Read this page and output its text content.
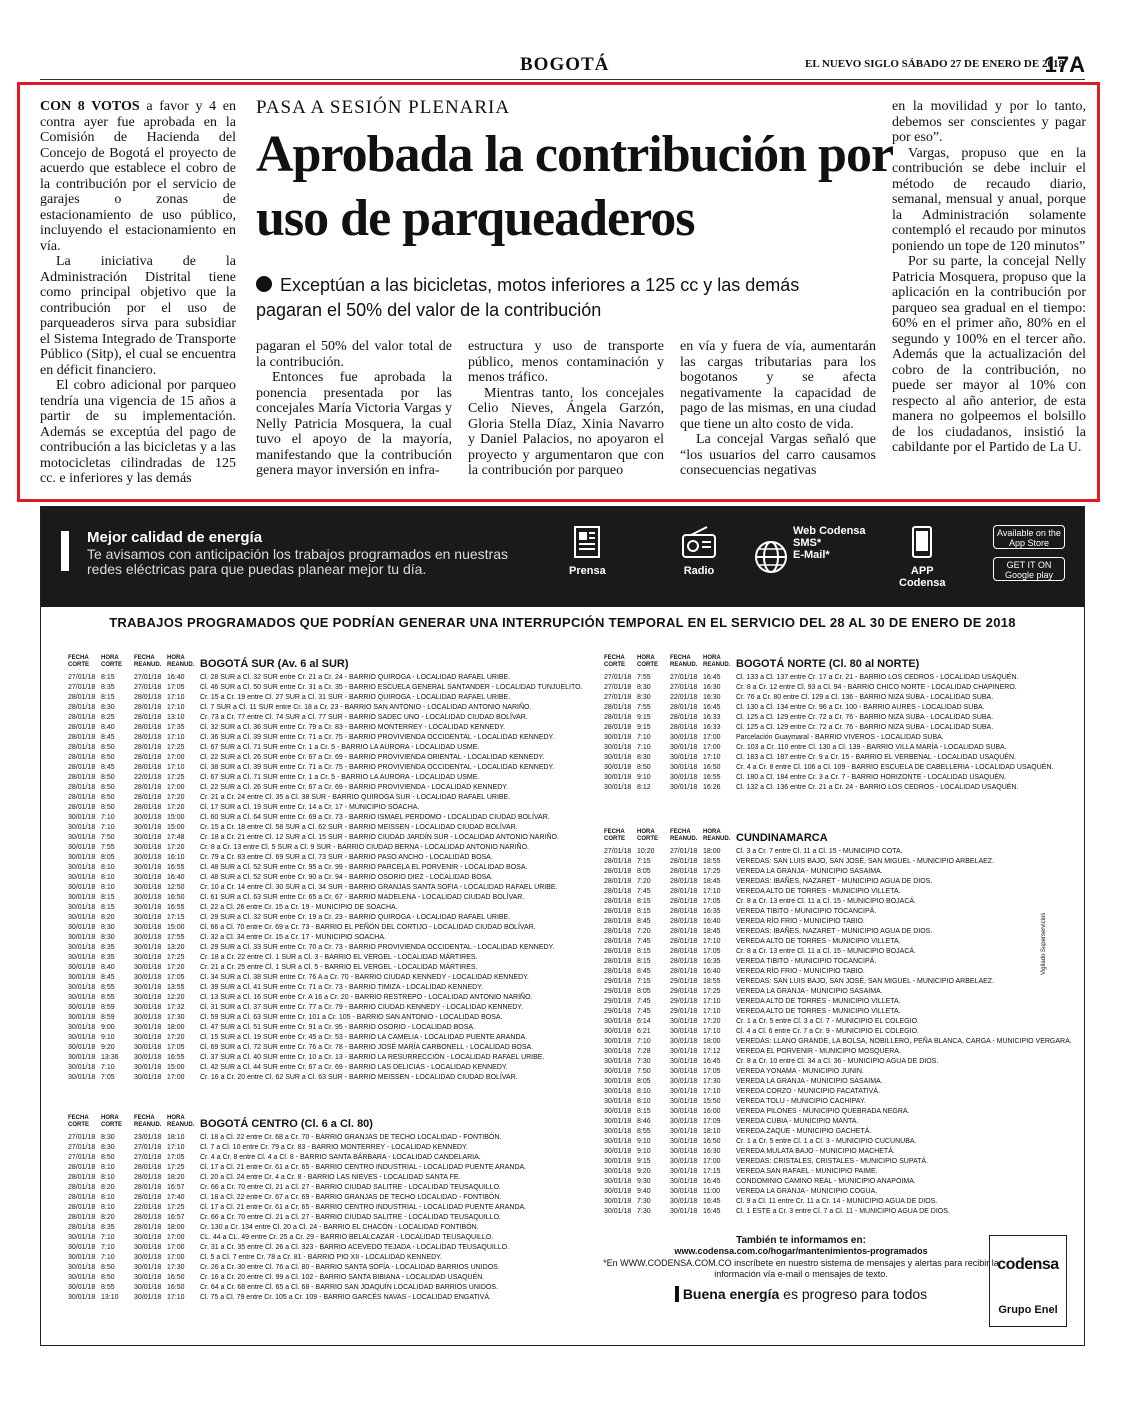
BOGOTÁ	EL NUEVO SIGLO SÁBADO 27 DE ENERO DE 2018
17A

CON 8 VOTOS a favor y 4 en contra ayer fue aprobada en la Comisión de Hacienda del Concejo de Bogotá el proyecto de acuerdo que establece el cobro de la contribución por el servicio de garajes o zonas de estacionamiento de uso público, incluyendo el estacionamiento en vía.

La iniciativa de la Administración Distrital tiene como principal objetivo que la contribución por el uso de parqueaderos sirva para subsidiar el Sistema Integrado de Transporte Público (Sitp), el cual se encuentra en déficit financiero.

El cobro adicional por parqueo tendría una vigencia de 15 años a partir de su implementación. Además se exceptúa del pago de contribución a las bicicletas y a las motocicletas cilindradas de 125 cc. e inferiores y las demás

PASA A SESIÓN PLENARIA
Aprobada la contribución por uso de parqueaderos
Exceptúan a las bicicletas, motos inferiores a 125 cc y las demás pagaran el 50% del valor de la contribución

pagaran el 50% del valor total de la contribución.

Entonces fue aprobada la ponencia presentada por las concejales María Victoria Vargas y Nelly Patricia Mosquera, la cual tuvo el apoyo de la mayoría, manifestando que la contribución genera mayor inversión en infra-

estructura y uso de transporte público, menos contaminación y menos tráfico.

Mientras tanto, los concejales Celio Nieves, Ángela Garzón, Gloria Stella Díaz, Xinia Navarro y Daniel Palacios, no apoyaron el proyecto y argumentaron que con la contribución por parqueo

en vía y fuera de vía, aumentarán las cargas tributarias para los bogotanos y se afecta negativamente la capacidad de pago de las mismas, en una ciudad que tiene un alto costo de vida.

La concejal Vargas señaló que “los usuarios del carro causamos consecuencias negativas

en la movilidad y por lo tanto, debemos ser conscientes y pagar por eso”.

Vargas, propuso que en la contribución se debe incluir el método de recaudo diario, semanal, mensual y anual, porque la Administración solamente contempló el recaudo por minutos poniendo un tope de 120 minutos”

Por su parte, la concejal Nelly Patricia Mosquera, propuso que la aplicación en la contribución por parqueo sea gradual en el tiempo: 60% en el primer año, 80% en el segundo y 100% en el tercer año. Además que la actualización del cobro de la contribución, no puede ser mayor al 10% con respecto al año anterior, de esta manera no golpeemos el bolsillo de los ciudadanos, insistió la cabildante por el Partido de La U.

Mejor calidad de energía
Te avisamos con anticipación los trabajos programados en nuestras redes eléctricas para que puedas planear mejor tu día.	Prensa	Radio
Web Codensa
SMS*
E-Mail*
APP
Codensa
Available on the App Store
GET IT ON Google play
TRABAJOS PROGRAMADOS QUE PODRÍAN GENERAR UNA INTERRUPCIÓN TEMPORAL EN EL SERVICIO DEL 28 AL 30 DE ENERO DE 2018
FECHA CORTE
HORA CORTE
FECHA REANUD.
HORA REANUD. BOGOTÁ SUR (Av. 6 al SUR)
27/01/18 8:15	27/01/18 16:40	Cl. 28 SUR a Cl. 32 SUR entre Cr. 21 a Cr. 24 - BARRIO QUIROGA - LOCALIDAD RAFAEL URIBE.
27/01/18 8:35	27/01/18 17:05	Cl. 46 SUR a Cl. 50 SUR entre Cr. 31 a Cr. 35 - BARRIO ESCUELA GENERAL SANTANDER - LOCALIDAD TUNJUELITO.
28/01/18 8:15	28/01/18 17:10	Cr. 15 a Cr. 19 entre Cl. 27 SUR a Cl. 31 SUR - BARRIO QUIROGA - LOCALIDAD RAFAEL URIBE.
28/01/18 8:30	28/01/18 17:10	Cl. 7 SUR a Cl. 11 SUR entre Cr. 18 a Cr. 23 - BARRIO SAN ANTONIO - LOCALIDAD ANTONIO NARIÑO.
28/01/18 8:25	28/01/18 13:10	Cr. 73 a Cr. 77 entre Cl. 74 SUR a Cl. 77 SUR - BARRIO SADEC UNO - LOCALIDAD CIUDAD BOLÍVAR.
28/01/18 8:40	28/01/18 17:35	Cl. 32 SUR a Cl. 36 SUR entre Cr. 79 a Cr. 83 - BARRIO MONTERREY - LOCALIDAD KENNEDY.
28/01/18 8:45	28/01/18 17:10	Cl. 36 SUR a Cl. 39 SUR entre Cr. 71 a Cr. 75 - BARRIO PROVIVIENDA OCCIDENTAL - LOCALIDAD KENNEDY.
28/01/18 8:50	28/01/18 17:25	Cl. 67 SUR a Cl. 71 SUR entre Cr. 1 a Cr. 5 - BARRIO LA AURORA - LOCALIDAD USME.
28/01/18 8:50	28/01/18 17:00	Cl. 22 SUR a Cl. 26 SUR entre Cr. 67 a Cr. 69 - BARRIO PROVIVIENDA ORIENTAL - LOCALIDAD KENNEDY.
28/01/18 8:45	28/01/18 17:10	Cl. 38 SUR a Cl. 39 SUR entre Cr. 71 a Cr. 75 - BARRIO PROVIVIENDA OCCIDENTAL - LOCALIDAD KENNEDY.
28/01/18 8:50	22/01/18 17:25	Cl. 67 SUR a Cl. 71 SUR entre Cr. 1 a Cr. 5 - BARRIO LA AURORA - LOCALIDAD USME.
28/01/18 8:50	28/01/18 17:00	Cl. 22 SUR a Cl. 26 SUR entre Cr. 67 a Cr. 69 - BARRIO PROVIVIENDA - LOCALIDAD KENNEDY.
28/01/18 8:50	28/01/18 17:20	Cr. 21 a Cr. 24 entre Cl. 35 a Cl. 38 SUR - BARRIO QUIROGA SUR - LOCALIDAD RAFAEL URIBE.
28/01/18 8:50	28/01/18 17:20	Cl. 17 SUR a Cl. 19 SUR entre Cr. 14 a Cr. 17 - MUNICIPIO SOACHA.
30/01/18 7:10	30/01/18 15:00	Cl. 60 SUR a Cl. 64 SUR entre Cr. 69 a Cr. 73 - BARRIO ISMAEL PERDOMO - LOCALIDAD CIUDAD BOLÍVAR.
30/01/18 7:10	30/01/18 15:00	Cr. 15 a Cr. 18 entre Cl. 58 SUR a Cl. 62 SUR - BARRIO MEISSEN - LOCALIDAD CIUDAD BOLÍVAR.
30/01/18 7:50	30/01/18 17:48	Cr. 18 a Cr. 21 entre Cl. 12 SUR a Cl. 15 SUR - BARRIO CIUDAD JARDÍN SUR - LOCALIDAD ANTONIO NARIÑO.
30/01/18 7:55	30/01/18 17:20	Cr. 8 a Cr. 13 entre Cl. 5 SUR a Cl. 9 SUR - BARRIO CIUDAD BERNA - LOCALIDAD ANTONIO NARIÑO.
30/01/18 8:05	30/01/18 16:10	Cr. 79 a Cr. 83 entre Cl. 69 SUR a Cl. 73 SUR - BARRIO PASO ANCHO - LOCALIDAD BOSA.
30/01/18 8:10	30/01/18 16:55	Cl. 48 SUR a Cl. 52 SUR entre Cr. 95 a Cr. 99 - BARRIO PARCELA EL PORVENIR - LOCALIDAD BOSA.
30/01/18 8:10	30/01/18 16:40	Cl. 48 SUR a Cl. 52 SUR entre Cr. 90 a Cr. 94 - BARRIO OSORIO DIEZ - LOCALIDAD BOSA.
30/01/18 8:10	30/01/18 12:50	Cr. 10 a Cr. 14 entre Cl. 30 SUR a Cl. 34 SUR - BARRIO GRANJAS SANTA SOFIA - LOCALIDAD RAFAEL URIBE.
30/01/18 8:15	30/01/18 16:50	Cl. 61 SUR a Cl. 63 SUR entre Cr. 65 a Cr. 67 - BARRIO MADELENA - LOCALIDAD CIUDAD BOLÍVAR.
30/01/18 8:15	30/01/18 16:55	Cl. 22 a Cl. 26 entre Cr. 15 a Cr. 19 - MUNICIPIO DE SOACHA.
30/01/18 8:20	30/01/18 17:15	Cl. 29 SUR a Cl. 32 SUR entre Cr. 19 a Cr. 23 - BARRIO QUIROGA - LOCALIDAD RAFAEL URIBE.
30/01/18 8:30	30/01/18 15:00	Cl. 66 a Cl. 70 entre Cr. 69 a Cr. 73 - BARRIO EL PEÑÓN DEL CORTIJO - LOCALIDAD CIUDAD BOLÍVAR.
30/01/18 8:30	30/01/18 17:55	Cl. 32 a Cl. 34 entre Cr. 15 a Cr. 17 - MUNICIPIO SOACHA.
30/01/18 8:35	30/01/18 13:20	Cl. 29 SUR a Cl. 33 SUR entre Cr. 70 a Cr. 73 - BARRIO PROVIVIENDA OCCIDENTAL - LOCALIDAD KENNEDY.
30/01/18 8:35	30/01/18 17:25	Cr. 18 a Cr. 22 entre Cl. 1 SUR a Cl. 3 - BARRIO EL VERGEL - LOCALIDAD MÁRTIRES.
30/01/18 8:40	30/01/18 17:20	Cr. 21 a Cr. 25 entre Cl. 1 SUR a Cl. 5 - BARRIO EL VERGEL - LOCALIDAD MÁRTIRES.
30/01/18 8:45	30/01/18 17:05	Cl. 34 SUR a Cl. 38 SUR entre Cr. 76 A a Cr. 70 - BARRIO CIUDAD KENNEDY - LOCALIDAD KENNEDY.
30/01/18 8:55	30/01/18 13:55	Cl. 39 SUR a Cl. 41 SUR entre Cr. 71 a Cr. 73 - BARRIO TIMIZA - LOCALIDAD KENNEDY.
30/01/18 8:55	30/01/18 12:20	Cl. 13 SUR a Cl. 16 SUR entre Cr. A 16 a Cr. 20 - BARRIO RESTREPO - LOCALIDAD ANTONIO NARIÑO.
30/01/18 8:59	30/01/18 17:32	Cl. 31 SUR a Cl. 37 SUR entre Cr. 77 a Cr. 79 - BARRIO CIUDAD KENNEDY - LOCALIDAD KENNEDY.
30/01/18 8:59	30/01/18 17:30	Cl. 59 SUR a Cl. 63 SUR entre Cr. 101 a Cr. 105 - BARRIO SAN ANTONIO - LOCALIDAD BOSA.
30/01/18 9:00	30/01/18 18:00	Cl. 47 SUR a Cl. 51 SUR entre Cr. 91 a Cr. 95 - BARRIO OSORIO - LOCALIDAD BOSA.
30/01/18 9:10	30/01/18 17:20	Cl. 15 SUR a Cl. 19 SUR entre Cr. 45 a Cr. 53 - BARRIO LA CAMELIA - LOCALIDAD PUENTE ARANDA.
30/01/18 9:20	30/01/18 17:05	Cl. 69 SUR a Cl. 72 SUR entre Cr. 76 a Cr. 78 - BARRIO JOSÉ MARÍA CARBONELL - LOCALIDAD BOSA.
30/01/18 13:36	30/01/18 16:55	Cl. 37 SUR a Cl. 40 SUR entre Cr. 10 a Cr. 13 - BARRIO LA RESURRECCIÓN - LOCALIDAD RAFAEL URIBE.
30/01/18 7:10	30/01/18 15:00	Cl. 42 SUR a Cl. 44 SUR entre Cr. 67 a Cr. 69 - BARRIO LAS DELICIAS - LOCALIDAD KENNEDY.
30/01/18 7:05	30/01/18 17:00	Cr. 16 a Cr. 20 entre Cl. 62 SUR a Cl. 63 SUR - BARRIO MEISSEN - LOCALIDAD CIUDAD BOLÍVAR.
FECHA CORTE
HORA CORTE
FECHA REANUD.
HORA REANUD. BOGOTÁ CENTRO (Cl. 6 a Cl. 80)
27/01/18 8:30	23/01/18 18:10	Cl. 18 a Cl. 22 entre Cr. 68 a Cr. 70 - BARRIO GRANJAS DE TECHO LOCALIDAD - FONTIBÓN.
27/01/18 8:30	27/01/18 17:10	Cl. 7 a Cl. 10 entre Cr. 79 a Cr. 83 - BARRIO MONTERREY - LOCALIDAD KENNEDY.
27/01/18 8:50	27/01/18 17:05	Cr. 4 a Cr. 8 entre Cl. 4 a Cl. 8 - BARRIO SANTA BÁRBARA - LOCALIDAD CANDELARIA.
28/01/18 8:10	28/01/18 17:25	Cl. 17 a Cl. 21 entre Cr. 61 a Cr. 65 - BARRIO CENTRO INDUSTRIAL - LOCALIDAD PUENTE ARANDA.
28/01/18 8:10	28/01/18 18:20	Cl. 20 a Cl. 24 entre Cr. 4 a Cr. 8 - BARRIO LAS NIEVES - LOCALIDAD SANTA FE.
28/01/18 8:20	28/01/18 16:57	Cr. 66 a Cr. 70 entre Cl. 21 a Cl. 27 - BARRIO CIUDAD SALITRE - LOCALIDAD TEUSAQUILLO.
28/01/18 8:10	28/01/18 17:40	Cl. 18 a Cl. 22 entre Cr. 67 a Cr. 69 - BARRIO GRANJAS DE TECHO LOCALIDAD - FONTIBÓN.
28/01/18 8:10	22/01/18 17:25	Cl. 17 a Cl. 21 entre Cr. 61 a Cr. 65 - BARRIO CENTRO INDUSTRIAL - LOCALIDAD PUENTE ARANDA.
28/01/18 8:20	28/01/18 16:57	Cr. 66 a Cr. 70 entre Cl. 21 a Cl. 27 - BARRIO CIUDAD SALITRE - LOCALIDAD TEUSAQUILLO.
28/01/18 8:35	28/01/18 18:00	Cr. 130 a Cr. 134 entre Cl. 20 a Cl. 24 - BARRIO EL CHACÓN - LOCALIDAD FONTIBÓN.
30/01/18 7:10	30/01/18 17:00	CL. 44 a CL. 49 entre Cr. 25 a Cr. 29 - BARRIO BELALCAZAR - LOCALIDAD TEUSAQUILLO.
30/01/18 7:10	30/01/18 17:00	Cr. 31 a Cr. 35 entre Cl. 26 a Cl. 323 - BARRIO ACEVEDO TEJADA - LOCALIDAD TEUSAQUILLO.
30/01/18 7:10	30/01/18 17:00	Cl. 5 a Cl. 7 entre Cr. 78 a Cr. 81 - BARRIO PIO XII - LOCALIDAD KENNEDY.
30/01/18 8:50	30/01/18 17:30	Cr. 26 a Cr. 30 entre Cl. 76 a Cl. 80 - BARRIO SANTA SOFÍA - LOCALIDAD BARRIOS UNIDOS.
30/01/18 8:50	30/01/18 16:50	Cr. 16 a Cr. 20 entre Cl. 99 a Cl. 102 - BARRIO SANTA BIBIANA - LOCALIDAD USAQUÉN.
30/01/18 8:55	30/01/18 16:50	Cr. 64 a Cr. 68 entre Cl. 65 a Cl. 68 - BARRIO SAN JOAQUÍN LOCALIDAD BARRIOS UNIDOS.
30/01/18 13:10	30/01/18 17:10	Cl. 75 a Cl. 79 entre Cr. 105 a Cr. 109 - BARRIO GARCÉS NAVAS - LOCALIDAD ENGATIVÁ.
FECHA CORTE
HORA CORTE
FECHA REANUD.
HORA REANUD. BOGOTÁ NORTE (Cl. 80 al NORTE)
27/01/18 7:55	27/01/18 16:45	Cl. 133 a Cl. 137 entre Cr. 17 a Cr. 21 - BARRIO LOS CEDROS - LOCALIDAD USAQUÉN.
27/01/18 8:30	27/01/18 16:30	Cr. 8 a Cr. 12 entre Cl. 93 a Cl. 94 - BARRIO CHICO NORTE - LOCALIDAD CHAPINERO.
27/01/18 8:30	22/01/18 16:30	Cr. 76 a Cr. 80 entre Cl. 129 a Cl. 136 - BARRIO NIZA SUBA - LOCALIDAD SUBA.
28/01/18 7:55	28/01/18 16:45	Cl. 130 a Cl. 134 entre Cr. 96 a Cr. 100 - BARRIO AURES - LOCALIDAD SUBA.
28/01/18 9:15	28/01/18 16:33	Cl. 125 a Cl. 129 entre Cr. 72 a Cr. 76 - BARRIO NIZA SUBA - LOCALIDAD SUBA.
28/01/18 9:15	28/01/18 16:33	Cl. 125 a Cl. 129 entre Cr. 72 a Cr. 76 - BARRIO NIZA SUBA - LOCALIDAD SUBA.
30/01/18 7:10	30/01/18 17:00	Parcelación Guaymaral - BARRIO VIVEROS - LOCALIDAD SUBA.
30/01/18 7:10	30/01/18 17:00	Cr. 103 a Cr. 110 entre Cl. 130 a Cl. 139 - BARRIO VILLA MARÍA - LOCALIDAD SUBA.
30/01/18 8:30	30/01/18 17:10	Cl. 183 a Cl. 187 entre Cr. 9 a Cr. 15 - BARRIO EL VERBENAL - LOCALIDAD USAQUÉN.
30/01/18 8:50	30/01/18 16:50	Cr. 4 a Cr. 8 entre Cl. 106 a Cl. 109 - BARRIO ESCUELA DE CABELLERIA - LOCALIDAD USAQUÉN.
30/01/18 9:10	30/01/18 16:55	Cl. 180 a Cl. 184 entre Cr. 3 a Cr. 7 - BARRIO HORIZONTE - LOCALIDAD USAQUÉN.
30/01/18 8:12	30/01/18 16:26	Cl. 132 a Cl. 136 entre Cr. 21 a Cr. 24 - BARRIO LOS CEDROS - LOCALIDAD USAQUÉN.
FECHA CORTE
HORA CORTE
FECHA REANUD.
HORA REANUD. CUNDINAMARCA
27/01/18 10:20	27/01/18 18:00	Cl. 3 a Cr. 7 entre Cl. 11 a Cl. 15 - MUNICIPIO COTA.
28/01/18 7:15	28/01/18 18:55	VEREDAS: SAN LUIS BAJO, SAN JOSÉ, SAN MIGUEL - MUNICIPIO ARBELAEZ.
28/01/18 8:05	28/01/18 17:25	VEREDA LA GRANJA - MUNICIPIO SASAIMA.
28/01/18 7:20	28/01/18 18:45	VEREDAS: IBAÑES, NAZARET - MUNICIPIO AGUA DE DIOS.
28/01/18 7:45	28/01/18 17:10	VEREDA ALTO DE TORRES - MUNICIPIO VILLETA.
28/01/18 8:15	28/01/18 17:05	Cr. 8 a Cr. 13 entre Cl. 11 a Cl. 15 - MUNICIPIO BOJACÁ.
28/01/18 8:15	28/01/18 16:35	VEREDA TIBITO - MUNICIPIO TOCANCIPÁ.
28/01/18 8:45	28/01/18 16:40	VEREDA RÍO FRIO - MUNICIPIO TABIO.
28/01/18 7:20	28/01/18 18:45	VEREDAS: IBAÑES, NAZARET - MUNICIPIO AGUA DE DIOS.
28/01/18 7:45	28/01/18 17:10	VEREDA ALTO DE TORRES - MUNICIPIO VILLETA.
28/01/18 8:15	28/01/18 17:05	Cr. 8 a Cr. 13 entre Cl. 11 a Cl. 15 - MUNICIPIO BOJACÁ.
28/01/18 8:15	28/01/18 16:35	VEREDA TIBITO - MUNICIPIO TOCANCIPÁ.
28/01/18 8:45	28/01/18 16:40	VEREDA RÍO FRIO - MUNICIPIO TABIO.
29/01/18 7:15	29/01/18 18:55	VEREDAS: SAN LUIS BAJO, SAN JOSÉ, SAN MIGUEL - MUNICIPIO ARBELAEZ.
29/01/18 8:05	29/01/18 17:25	VEREDA LA GRANJA - MUNICIPIO SASAIMA.
29/01/18 7:45	29/01/18 17:10	VEREDA ALTO DE TORRES - MUNICIPIO VILLETA.
29/01/18 7:45	29/01/18 17:10	VEREDA ALTO DE TORRES - MUNICIPIO VILLETA.
30/01/18 6:14	30/01/18 17:20	Cr. 1 a Cr. 5 entre Cl. 3 a Cl. 7 - MUNICIPIO EL COLEGIO.
30/01/18 6:21	30/01/18 17:10	Cl. 4 a Cl. 6 entre Cr. 7 a Cr. 9 - MUNICIPIO EL COLEGIO.
30/01/18 7:10	30/01/18 18:00	VEREDAS: LLANO GRANDE, LA BOLSA, NOBILLERO, PEÑA BLANCA, CARGA - MUNICIPIO VERGARA.
30/01/18 7:28	30/01/18 17:12	VEREDA EL PORVENIR - MUNICIPIO MOSQUERA.
30/01/18 7:30	30/01/18 16:45	Cr. 8 a Cr. 10 entre Cl. 34 a Cl. 36 - MUNICIPIO AGUA DE DIOS.
30/01/18 7:50	30/01/18 17:05	VEREDA YONAMA - MUNICIPIO JUNIN.
30/01/18 8:05	30/01/18 17:30	VEREDA LA GRANJA - MUNICIPIO SASAIMA.
30/01/18 8:10	30/01/18 17:10	VEREDA CORZO - MUNICIPIO FACATATIVÁ.
30/01/18 8:10	30/01/18 15:50	VEREDA TOLU - MUNICIPIO CACHIPAY.
30/01/18 8:15	30/01/18 16:00	VEREDA PILONES - MUNICIPIO QUEBRADA NEGRA.
30/01/18 8:46	30/01/18 17:09	VEREDA CUBIA - MUNICIPIO MANTA.
30/01/18 8:55	30/01/18 18:10	VEREDA ZAQUE - MUNICIPIO GACHETÁ.
30/01/18 9:10	30/01/18 16:50	Cr. 1 a Cr. 5 entre Cl. 1 a Cl. 3 - MUNICIPIO CUCUNUBA.
30/01/18 9:10	30/01/18 16:30	VEREDA MULATA BAJO - MUNICIPIO MACHETÁ.
30/01/18 9:15	30/01/18 17:00	VEREDAS: CRISTALES, CRISTALES - MUNICIPIO SUPATÁ.
30/01/18 9:20	30/01/18 17:15	VEREDA SAN RAFAEL - MUNICIPIO PAIME.
30/01/18 9:30	30/01/18 16:45	CONDOMINIO CAMINO REAL - MUNICIPIO ANAPOIMA.
30/01/18 9:40	30/01/18 11:00	VEREDA LA GRANJA - MUNICIPIO COGUA.
30/01/18 7:30	30/01/18 16:45	Cl. 9 a Cl. 11 entre Cr. 11 a Cr. 14 - MUNICIPIO AGUA DE DIOS.
30/01/18 7:30	30/01/18 16:45	Cl. 1 ESTE a Cr. 3 entre Cl. 7 a Cl. 11 - MUNICIPIO AGUA DE DIOS.
Vigilado Superservicios
También te informamos en:
www.codensa.com.co/hogar/mantenimientos-programados
*En WWW.CODENSA.COM.CO inscríbete en nuestro sistema de mensajes y alertas para recibir la información vía e-mail o mensajes de texto.
Buena energía es progreso para todos
codensa
Grupo Enel
